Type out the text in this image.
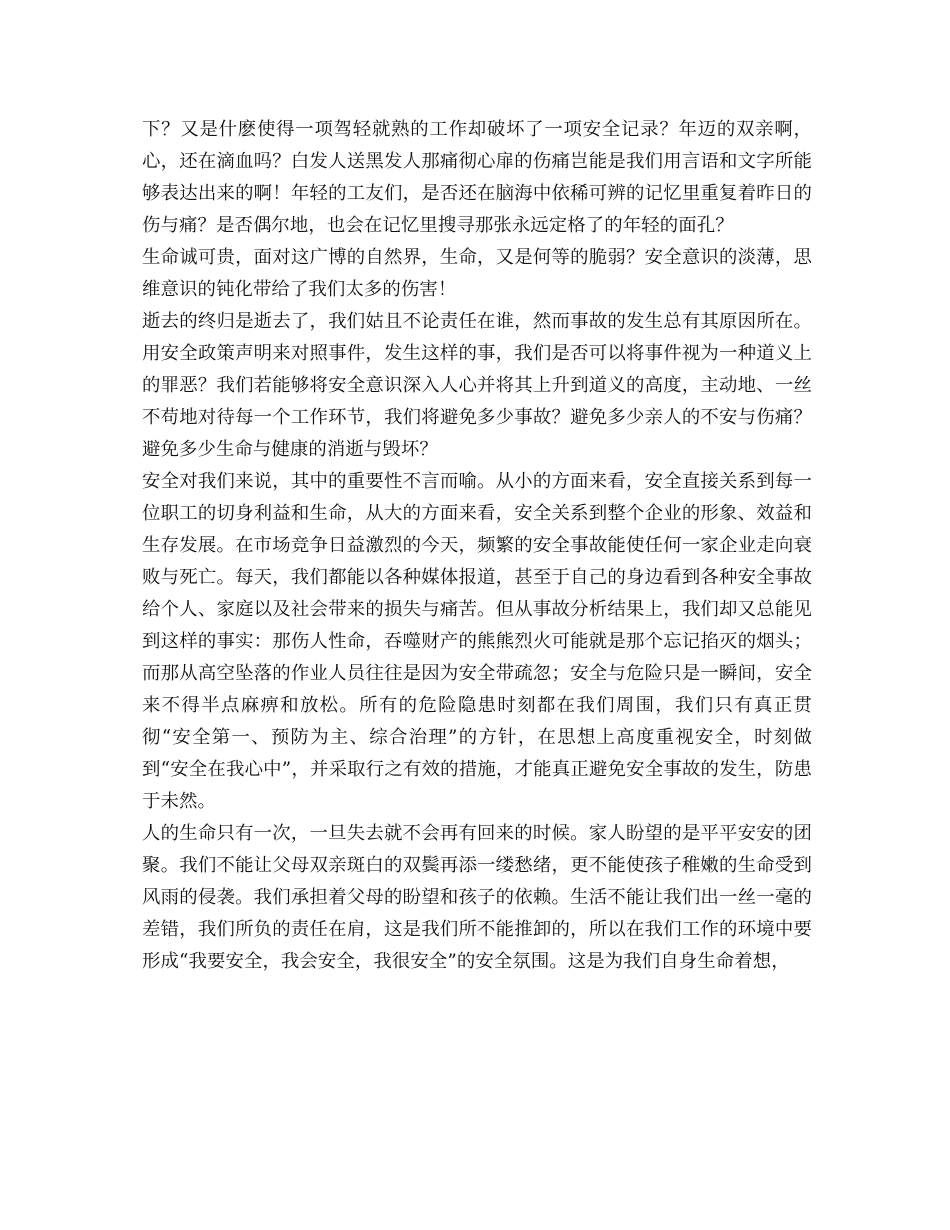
下？又是什麽使得一项驾轻就熟的工作却破坏了一项安全记录？年迈的双亲啊，心，还在滴血吗？白发人送黑发人那痛彻心扉的伤痛岂能是我们用言语和文字所能够表达出来的啊！年轻的工友们，是否还在脑海中依稀可辨的记忆里重复着昨日的伤与痛？是否偶尔地，也会在记忆里搜寻那张永远定格了的年轻的面孔？

生命诚可贵，面对这广博的自然界，生命，又是何等的脆弱？安全意识的淡薄，思维意识的钝化带给了我们太多的伤害！

逝去的终归是逝去了，我们姑且不论责任在谁，然而事故的发生总有其原因所在。用安全政策声明来对照事件，发生这样的事，我们是否可以将事件视为一种道义上的罪恶？我们若能够将安全意识深入人心并将其上升到道义的高度，主动地、一丝不苟地对待每一个工作环节，我们将避免多少事故？避免多少亲人的不安与伤痛？避免多少生命与健康的消逝与毁坏？

安全对我们来说，其中的重要性不言而喻。从小的方面来看，安全直接关系到每一位职工的切身利益和生命，从大的方面来看，安全关系到整个企业的形象、效益和生存发展。在市场竞争日益激烈的今天，频繁的安全事故能使任何一家企业走向衰败与死亡。每天，我们都能以各种媒体报道，甚至于自己的身边看到各种安全事故给个人、家庭以及社会带来的损失与痛苦。但从事故分析结果上，我们却又总能见到这样的事实：那伤人性命，吞噬财产的熊熊烈火可能就是那个忘记掐灭的烟头；而那从高空坠落的作业人员往往是因为安全带疏忽；安全与危险只是一瞬间，安全来不得半点麻痹和放松。所有的危险隐患时刻都在我们周围，我们只有真正贯彻“安全第一、预防为主、综合治理”的方针，在思想上高度重视安全，时刻做到“安全在我心中”，并采取行之有效的措施，才能真正避免安全事故的发生，防患于未然。

人的生命只有一次，一旦失去就不会再有回来的时候。家人盼望的是平平安安的团聚。我们不能让父母双亲斑白的双鬓再添一缕愁绪，更不能使孩子稚嫩的生命受到风雨的侵袭。我们承担着父母的盼望和孩子的依赖。生活不能让我们出一丝一毫的差错，我们所负的责任在肩，这是我们所不能推卸的，所以在我们工作的环境中要形成“我要安全，我会安全，我很安全”的安全氛围。这是为我们自身生命着想，
